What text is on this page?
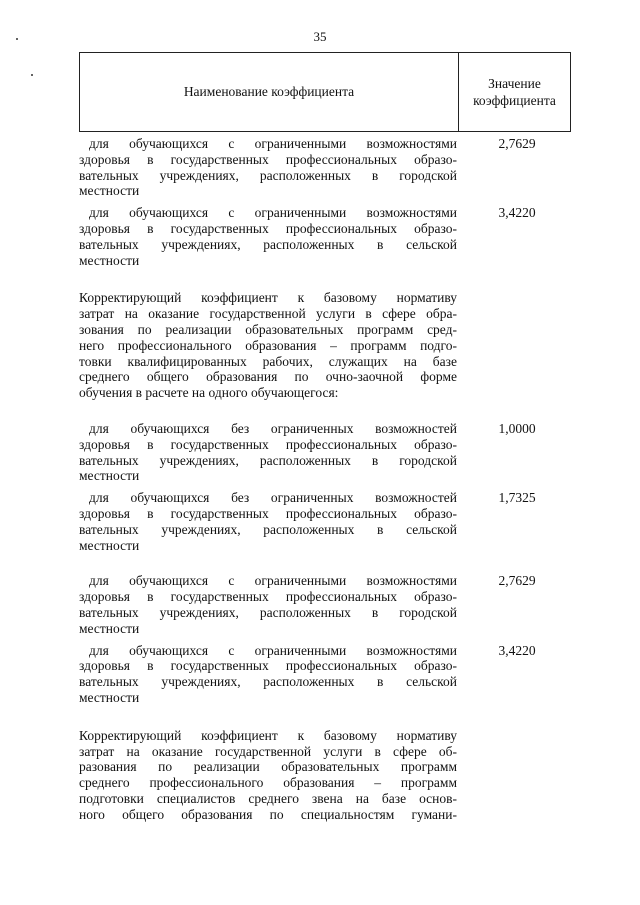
35
Наименование коэффициента
Значение
коэффициента
для обучающихся с ограниченными возможностями
здоровья в государственных профессиональных образо-
вательных учреждениях, расположенных в городской
местности
2,7629
для обучающихся с ограниченными возможностями
здоровья в государственных профессиональных образо-
вательных учреждениях, расположенных в сельской
местности
3,4220
Корректирующий коэффициент к базовому нормативу
затрат на оказание государственной услуги в сфере обра-
зования по реализации образовательных программ сред-
него профессионального образования – программ подго-
товки квалифицированных рабочих, служащих на базе
среднего общего образования по очно-заочной форме
обучения в расчете на одного обучающегося:
для обучающихся без ограниченных возможностей
здоровья в государственных профессиональных образо-
вательных учреждениях, расположенных в городской
местности
1,0000
для обучающихся без ограниченных возможностей
здоровья в государственных профессиональных образо-
вательных учреждениях, расположенных в сельской
местности
1,7325
для обучающихся с ограниченными возможностями
здоровья в государственных профессиональных образо-
вательных учреждениях, расположенных в городской
местности
2,7629
для обучающихся с ограниченными возможностями
здоровья в государственных профессиональных образо-
вательных учреждениях, расположенных в сельской
местности
3,4220
Корректирующий коэффициент к базовому нормативу
затрат на оказание государственной услуги в сфере об-
разования по реализации образовательных программ
среднего профессионального образования – программ
подготовки специалистов среднего звена на базе основ-
ного общего образования по специальностям гумани-
